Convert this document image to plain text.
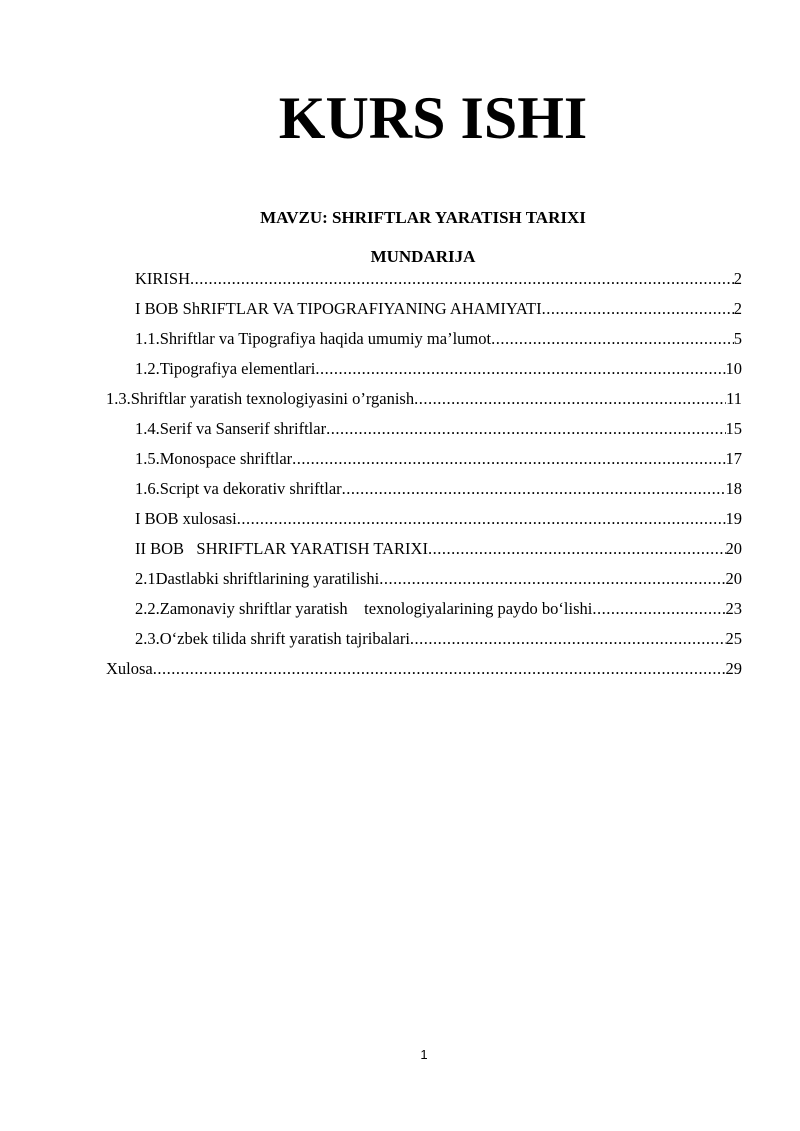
KURS ISHI
MAVZU: SHRIFTLAR YARATISH TARIXI
MUNDARIJA
KIRISH .....	2
I BOB ShRIFTLAR VA TIPOGRAFIYANING AHAMIYATI .....	2
1.1.Shriftlar va Tipografiya haqida umumiy ma’lumot .....	5
1.2.Tipografiya elementlari .....	10
1.3.Shriftlar yaratish texnologiyasini o’rganish .....	11
1.4.Serif va Sanserif shriftlar .....	15
1.5.Monospace shriftlar .....	17
1.6.Script va dekorativ shriftlar .....	18
I BOB xulosasi .....	19
II BOB   SHRIFTLAR YARATISH TARIXI .....	20
2.1Dastlabki shriftlarining yaratilishi .....	20
2.2.Zamonaviy shriftlar yaratish    texnologiyalarining paydo bo‘lishi .....	23
2.3.O‘zbek tilida shrift yaratish tajribalari .....	25
Xulosa .....	29
1
